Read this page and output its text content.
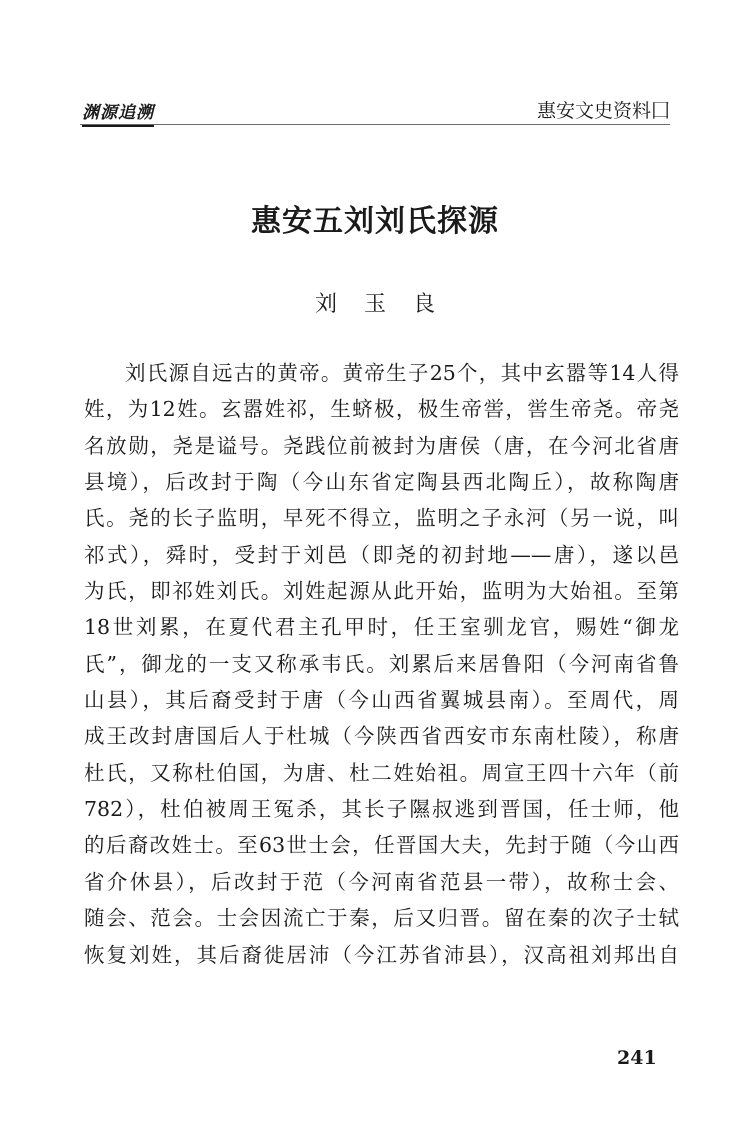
渊源追溯	惠安文史资料囗
惠安五刘刘氏探源
刘 玉 良
刘氏源自远古的黄帝。黄帝生子25个，其中玄嚣等14人得
姓，为12姓。玄嚣姓祁，生蛴极，极生帝喾，喾生帝尧。帝尧
名放勋，尧是谥号。尧践位前被封为唐侯（唐，在今河北省唐
县境），后改封于陶（今山东省定陶县西北陶丘），故称陶唐
氏。尧的长子监明，早死不得立，监明之子永河（另一说，叫
祁式），舜时，受封于刘邑（即尧的初封地——唐），遂以邑
为氏，即祁姓刘氏。刘姓起源从此开始，监明为大始祖。至第
18世刘累，在夏代君主孔甲时，任王室驯龙官，赐姓“御龙
氏”，御龙的一支又称承韦氏。刘累后来居鲁阳（今河南省鲁
山县），其后裔受封于唐（今山西省翼城县南）。至周代，周
成王改封唐国后人于杜城（今陕西省西安市东南杜陵），称唐
杜氏，又称杜伯国，为唐、杜二姓始祖。周宣王四十六年（前
782），杜伯被周王冤杀，其长子隰叔逃到晋国，任士师，他
的后裔改姓士。至63世士会，任晋国大夫，先封于随（今山西
省介休县），后改封于范（今河南省范县一带），故称士会、
随会、范会。士会因流亡于秦，后又归晋。留在秦的次子士轼
恢复刘姓，其后裔徙居沛（今江苏省沛县），汉高祖刘邦出自
241
